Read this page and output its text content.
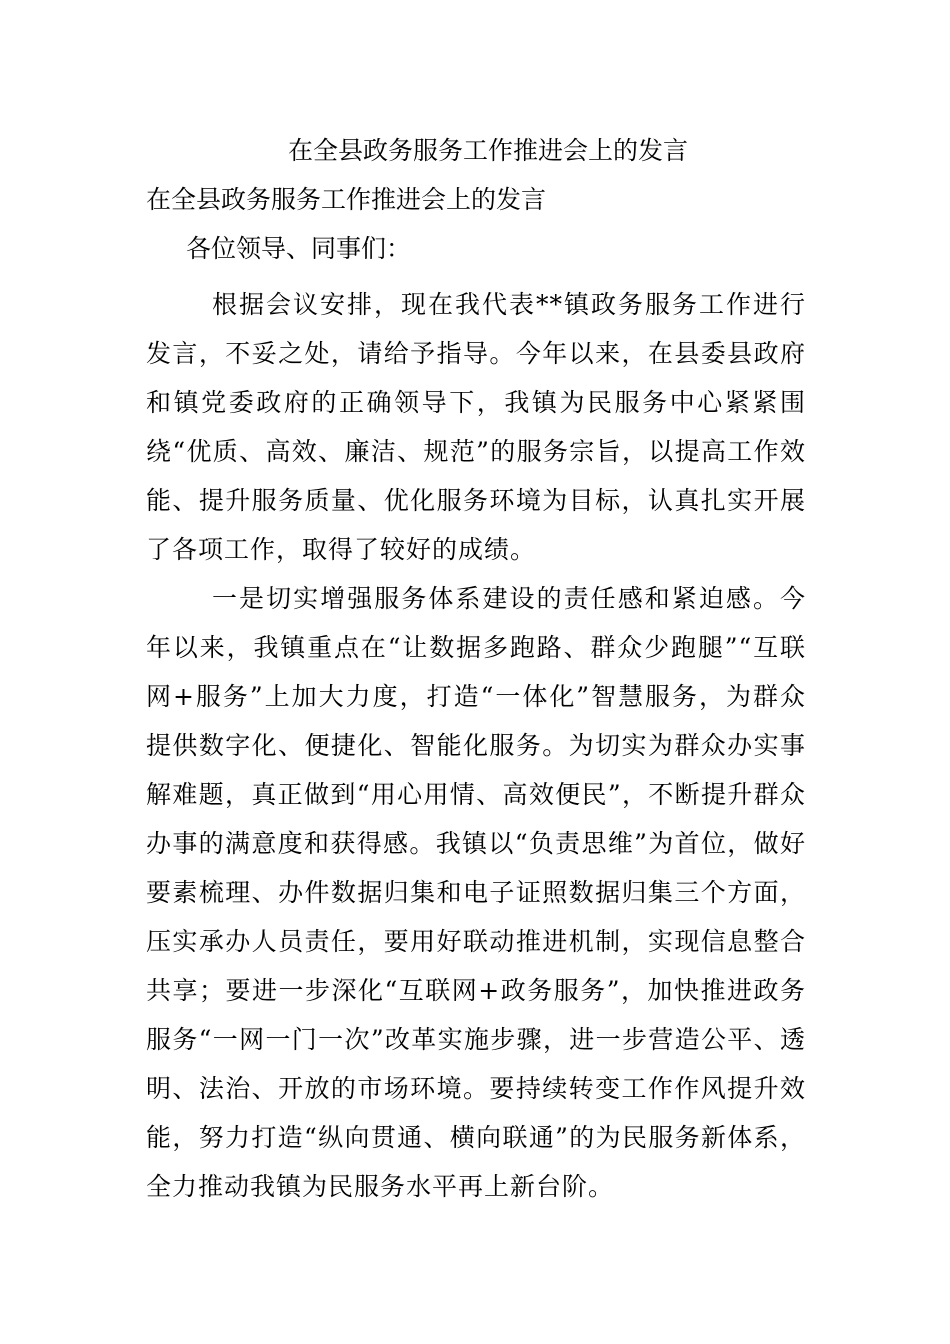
在全县政务服务工作推进会上的发言
在全县政务服务工作推进会上的发言
各位领导、同事们：
根据会议安排，现在我代表**镇政务服务工作进行发言，不妥之处，请给予指导。今年以来，在县委县政府和镇党委政府的正确领导下，我镇为民服务中心紧紧围绕“优质、高效、廉洁、规范”的服务宗旨，以提高工作效能、提升服务质量、优化服务环境为目标，认真扎实开展了各项工作，取得了较好的成绩。
一是切实增强服务体系建设的责任感和紧迫感。今年以来，我镇重点在“让数据多跑路、群众少跑腿”“互联网+服务”上加大力度，打造“一体化”智慧服务，为群众提供数字化、便捷化、智能化服务。为切实为群众办实事解难题，真正做到“用心用情、高效便民”，不断提升群众办事的满意度和获得感。我镇以“负责思维”为首位，做好要素梳理、办件数据归集和电子证照数据归集三个方面，压实承办人员责任，要用好联动推进机制，实现信息整合共享；要进一步深化“互联网+政务服务”，加快推进政务服务“一网一门一次”改革实施步骤，进一步营造公平、透明、法治、开放的市场环境。要持续转变工作作风提升效能，努力打造“纵向贯通、横向联通”的为民服务新体系，全力推动我镇为民服务水平再上新台阶。
